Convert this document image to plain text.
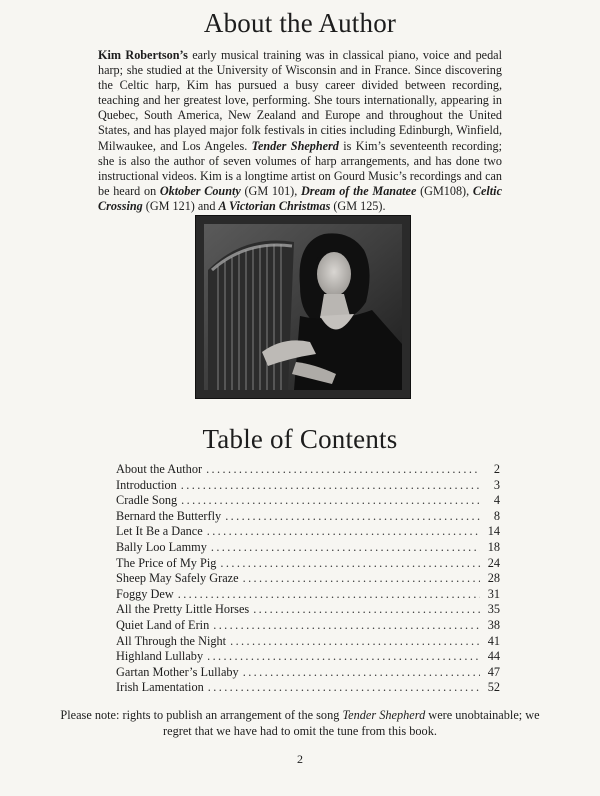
About the Author
Kim Robertson’s early musical training was in classical piano, voice and pedal harp; she studied at the University of Wisconsin and in France. Since discovering the Celtic harp, Kim has pursued a busy career divided between recording, teaching and her greatest love, performing. She tours internationally, appearing in Quebec, South America, New Zealand and Europe and throughout the United States, and has played major folk festivals in cities including Edinburgh, Winfield, Milwaukee, and Los Angeles. Tender Shepherd is Kim’s seventeenth recording; she is also the author of seven volumes of harp arrangements, and has done two instructional videos. Kim is a longtime artist on Gourd Music’s recordings and can be heard on Oktober County (GM 101), Dream of the Manatee (GM108), Celtic Crossing (GM 121) and A Victorian Christmas (GM 125).
Table of Contents
About the Author .....	2
Introduction .....	3
Cradle Song .....	4
Bernard the Butterfly .....	8
Let It Be a Dance .....	14
Bally Loo Lammy .....	18
The Price of My Pig .....	24
Sheep May Safely Graze .....	28
Foggy Dew .....	31
All the Pretty Little Horses .....	35
Quiet Land of Erin .....	38
All Through the Night .....	41
Highland Lullaby .....	44
Gartan Mother’s Lullaby .....	47
Irish Lamentation .....	52
Please note: rights to publish an arrangement of the song Tender Shepherd were unobtainable; we regret that we have had to omit the tune from this book.
2
